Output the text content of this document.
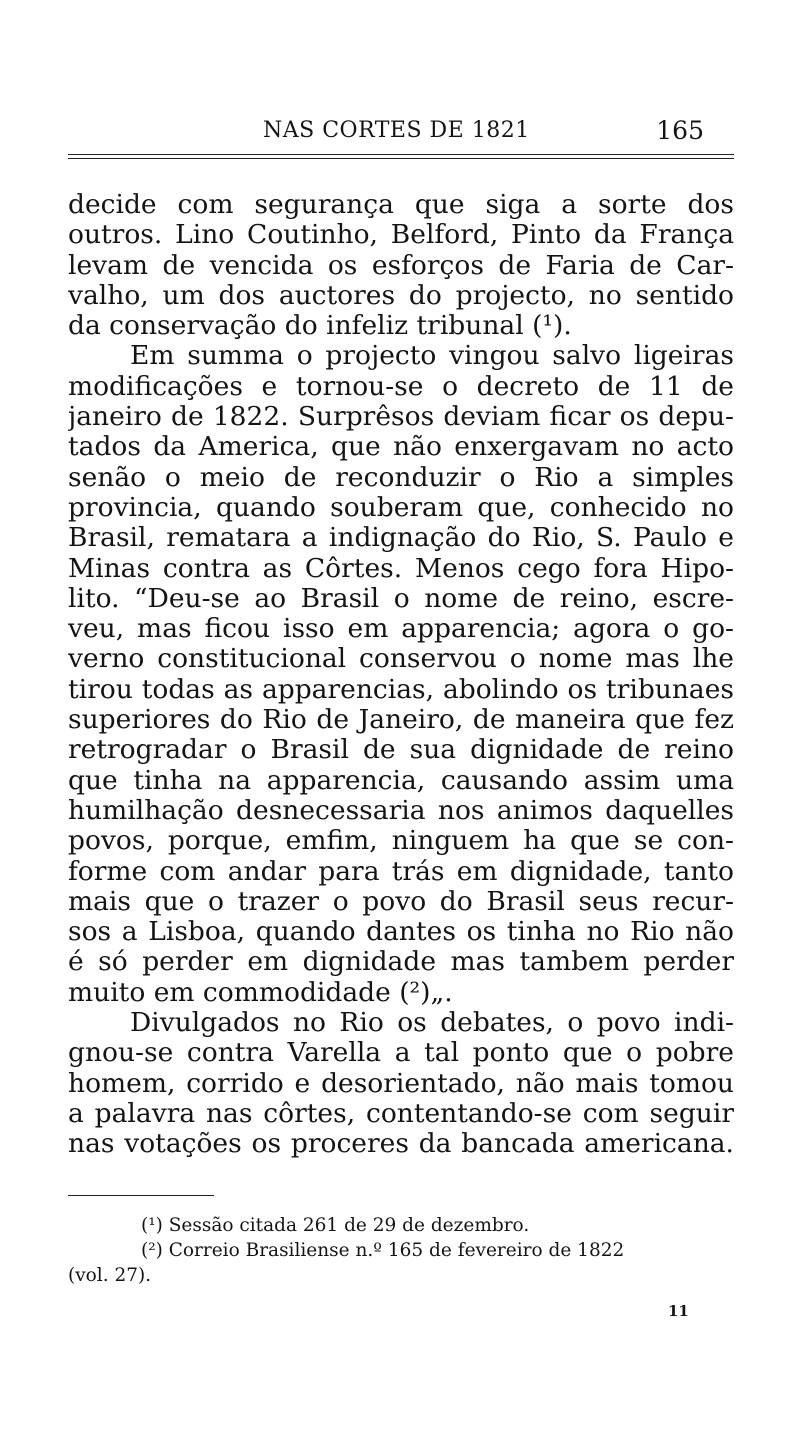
NAS CORTES DE 1821	165
decide com segurança que siga a sorte dos
outros. Lino Coutinho, Belford, Pinto da França
levam de vencida os esforços de Faria de Car-
valho, um dos auctores do projecto, no sentido
da conservação do infeliz tribunal (¹).
Em summa o projecto vingou salvo ligeiras
modificações e tornou-se o decreto de 11 de
janeiro de 1822. Surprêsos deviam ficar os depu-
tados da America, que não enxergavam no acto
senão o meio de reconduzir o Rio a simples
provincia, quando souberam que, conhecido no
Brasil, rematara a indignação do Rio, S. Paulo e
Minas contra as Côrtes. Menos cego fora Hipo-
lito. “Deu-se ao Brasil o nome de reino, escre-
veu, mas ficou isso em apparencia; agora o go-
verno constitucional conservou o nome mas lhe
tirou todas as apparencias, abolindo os tribunaes
superiores do Rio de Janeiro, de maneira que fez
retrogradar o Brasil de sua dignidade de reino
que tinha na apparencia, causando assim uma
humilhação desnecessaria nos animos daquelles
povos, porque, emfim, ninguem ha que se con-
forme com andar para trás em dignidade, tanto
mais que o trazer o povo do Brasil seus recur-
sos a Lisboa, quando dantes os tinha no Rio não
é só perder em dignidade mas tambem perder
muito em commodidade (²)„.
Divulgados no Rio os debates, o povo indi-
gnou-se contra Varella a tal ponto que o pobre
homem, corrido e desorientado, não mais tomou
a palavra nas côrtes, contentando-se com seguir
nas votações os proceres da bancada americana.
(¹) Sessão citada 261 de 29 de dezembro.
(²) Correio Brasiliense n.º 165 de fevereiro de 1822
(vol. 27).
11
